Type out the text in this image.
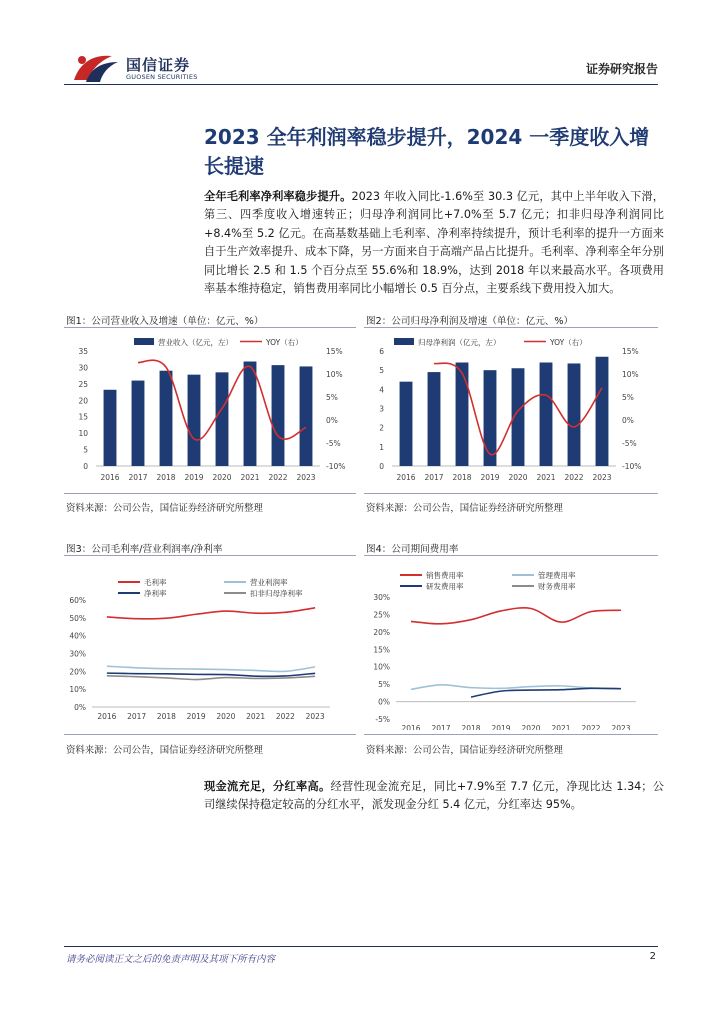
国信证券
GUOSEN SECURITIES
证券研究报告
2023 全年利润率稳步提升，2024 一季度收入增长提速
全年毛利率净利率稳步提升。2023 年收入同比-1.6%至 30.3 亿元，其中上半年收入下滑，第三、四季度收入增速转正；归母净利润同比+7.0%至 5.7 亿元；扣非归母净利润同比+8.4%至 5.2 亿元。在高基数基础上毛利率、净利率持续提升，预计毛利率的提升一方面来自于生产效率提升、成本下降，另一方面来自于高端产品占比提升。毛利率、净利率全年分别同比增长 2.5 和 1.5 个百分点至 55.6%和 18.9%，达到 2018 年以来最高水平。各项费用率基本维持稳定，销售费用率同比小幅增长 0.5 百分点，主要系线下费用投入加大。
图1：公司营业收入及增速（单位：亿元、%）
营业收入（亿元，左）	YOY（右）
0
5
10
15
20
25
30
35
-10%
-5%
0%
5%
10%
15%
2016 2017 2018 2019 2020 2021 2022 2023
资料来源：公司公告，国信证券经济研究所整理
图2：公司归母净利润及增速（单位：亿元、%）
归母净利润（亿元，左）	YOY（右）
0
1
2
3
4
5
6
-10%
-5%
0%
5%
10%
15%
2016 2017 2018 2019 2020 2021 2022 2023
资料来源：公司公告，国信证券经济研究所整理
图3：公司毛利率/营业利润率/净利率
毛利率	营业利润率
净利率	扣非归母净利率
0%
10%
20%
30%
40%
50%
60%
2016 2017 2018 2019 2020 2021 2022 2023
资料来源：公司公告，国信证券经济研究所整理
图4：公司期间费用率
销售费用率	管理费用率
研发费用率	财务费用率
-5%
0%
5%
10%
15%
20%
25%
30%
2016 2017 2018 2019 2020 2021 2022 2023
资料来源：公司公告，国信证券经济研究所整理
现金流充足，分红率高。经营性现金流充足，同比+7.9%至 7.7 亿元，净现比达 1.34；公司继续保持稳定较高的分红水平，派发现金分红 5.4 亿元，分红率达 95%。
请务必阅读正文之后的免责声明及其项下所有内容	2
